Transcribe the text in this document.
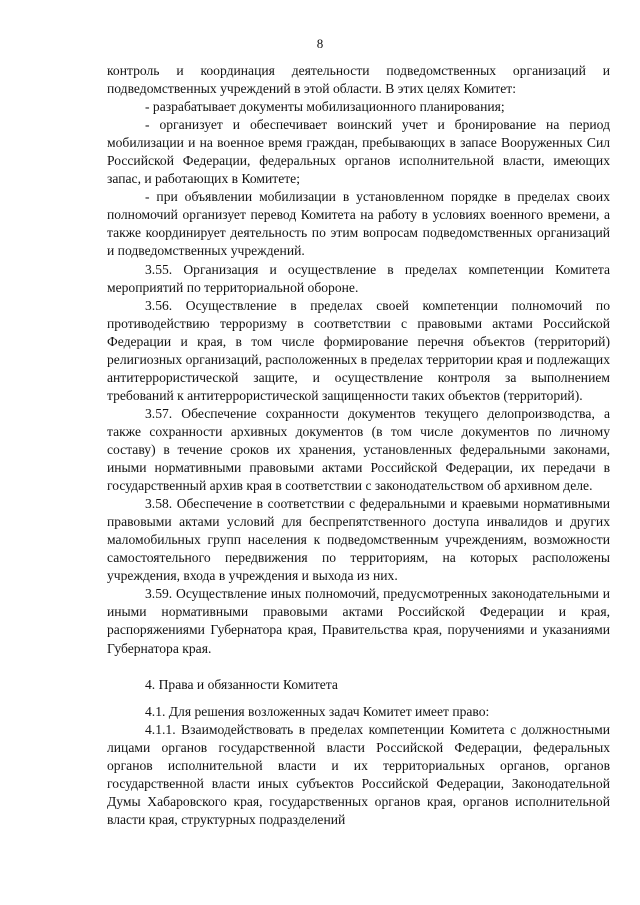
8

контроль и координация деятельности подведомственных организаций и подведомственных учреждений в этой области. В этих целях Комитет:

- разрабатывает документы мобилизационного планирования;

- организует и обеспечивает воинский учет и бронирование на период мобилизации и на военное время граждан, пребывающих в запасе Вооруженных Сил Российской Федерации, федеральных органов исполнительной власти, имеющих запас, и работающих в Комитете;

- при объявлении мобилизации в установленном порядке в пределах своих полномочий организует перевод Комитета на работу в условиях военного времени, а также координирует деятельность по этим вопросам подведомственных организаций и подведомственных учреждений.

3.55. Организация и осуществление в пределах компетенции Комитета мероприятий по территориальной обороне.

3.56. Осуществление в пределах своей компетенции полномочий по противодействию терроризму в соответствии с правовыми актами Российской Федерации и края, в том числе формирование перечня объектов (территорий) религиозных организаций, расположенных в пределах территории края и подлежащих антитеррористической защите, и осуществление контроля за выполнением требований к антитеррористической защищенности таких объектов (территорий).

3.57. Обеспечение сохранности документов текущего делопроизводства, а также сохранности архивных документов (в том числе документов по личному составу) в течение сроков их хранения, установленных федеральными законами, иными нормативными правовыми актами Российской Федерации, их передачи в государственный архив края в соответствии с законодательством об архивном деле.

3.58. Обеспечение в соответствии с федеральными и краевыми нормативными правовыми актами условий для беспрепятственного доступа инвалидов и других маломобильных групп населения к подведомственным учреждениям, возможности самостоятельного передвижения по территориям, на которых расположены учреждения, входа в учреждения и выхода из них.

3.59. Осуществление иных полномочий, предусмотренных законодательными и иными нормативными правовыми актами Российской Федерации и края, распоряжениями Губернатора края, Правительства края, поручениями и указаниями Губернатора края.

4. Права и обязанности Комитета

4.1. Для решения возложенных задач Комитет имеет право:

4.1.1. Взаимодействовать в пределах компетенции Комитета с должностными лицами органов государственной власти Российской Федерации, федеральных органов исполнительной власти и их территориальных органов, органов государственной власти иных субъектов Российской Федерации, Законодательной Думы Хабаровского края, государственных органов края, органов исполнительной власти края, структурных подразделений
